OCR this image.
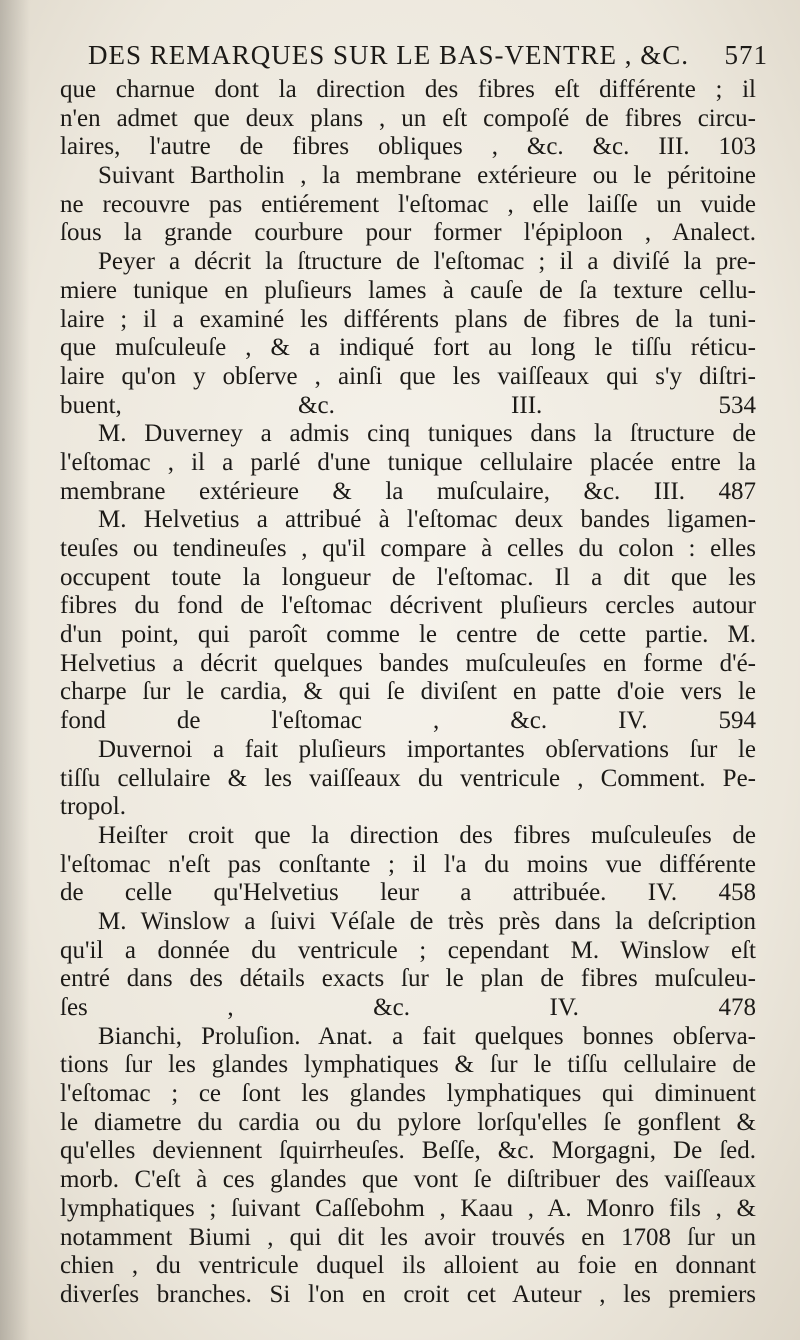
DES REMARQUES SUR LE BAS-VENTRE , &C. 571
que charnue dont la direction des fibres eſt différente ; il
n'en admet que deux plans , un eſt compoſé de fibres circu-
laires, l'autre de fibres obliques , &c. &c. III. 103
Suivant Bartholin , la membrane extérieure ou le péritoine
ne recouvre pas entiérement l'eſtomac , elle laiſſe un vuide
ſous la grande courbure pour former l'épiploon , Analect.
Peyer a décrit la ſtructure de l'eſtomac ; il a diviſé la pre-
miere tunique en pluſieurs lames à cauſe de ſa texture cellu-
laire ; il a examiné les différents plans de fibres de la tuni-
que muſculeuſe , & a indiqué fort au long le tiſſu réticu-
laire qu'on y obſerve , ainſi que les vaiſſeaux qui s'y diſtri-
buent, &c. III. 534
M. Duverney a admis cinq tuniques dans la ſtructure de
l'eſtomac , il a parlé d'une tunique cellulaire placée entre la
membrane extérieure & la muſculaire, &c. III. 487
M. Helvetius a attribué à l'eſtomac deux bandes ligamen-
teuſes ou tendineuſes , qu'il compare à celles du colon : elles
occupent toute la longueur de l'eſtomac. Il a dit que les
fibres du fond de l'eſtomac décrivent pluſieurs cercles autour
d'un point, qui paroît comme le centre de cette partie. M.
Helvetius a décrit quelques bandes muſculeuſes en forme d'é-
charpe ſur le cardia, & qui ſe diviſent en patte d'oie vers le
fond de l'eſtomac , &c. IV. 594
Duvernoi a fait pluſieurs importantes obſervations ſur le
tiſſu cellulaire & les vaiſſeaux du ventricule , Comment. Pe-
tropol.
Heiſter croit que la direction des fibres muſculeuſes de
l'eſtomac n'eſt pas conſtante ; il l'a du moins vue différente
de celle qu'Helvetius leur a attribuée. IV. 458
M. Winslow a ſuivi Véſale de très près dans la deſcription
qu'il a donnée du ventricule ; cependant M. Winslow eſt
entré dans des détails exacts ſur le plan de fibres muſculeu-
ſes , &c. IV. 478
Bianchi, Proluſion. Anat. a fait quelques bonnes obſerva-
tions ſur les glandes lymphatiques & ſur le tiſſu cellulaire de
l'eſtomac ; ce ſont les glandes lymphatiques qui diminuent
le diametre du cardia ou du pylore lorſqu'elles ſe gonflent &
qu'elles deviennent ſquirrheuſes. Beſſe, &c. Morgagni, De ſed.
morb. C'eſt à ces glandes que vont ſe diſtribuer des vaiſſeaux
lymphatiques ; ſuivant Caſſebohm , Kaau , A. Monro fils , &
notamment Biumi , qui dit les avoir trouvés en 1708 ſur un
chien , du ventricule duquel ils alloient au foie en donnant
diverſes branches. Si l'on en croit cet Auteur , les premiers
